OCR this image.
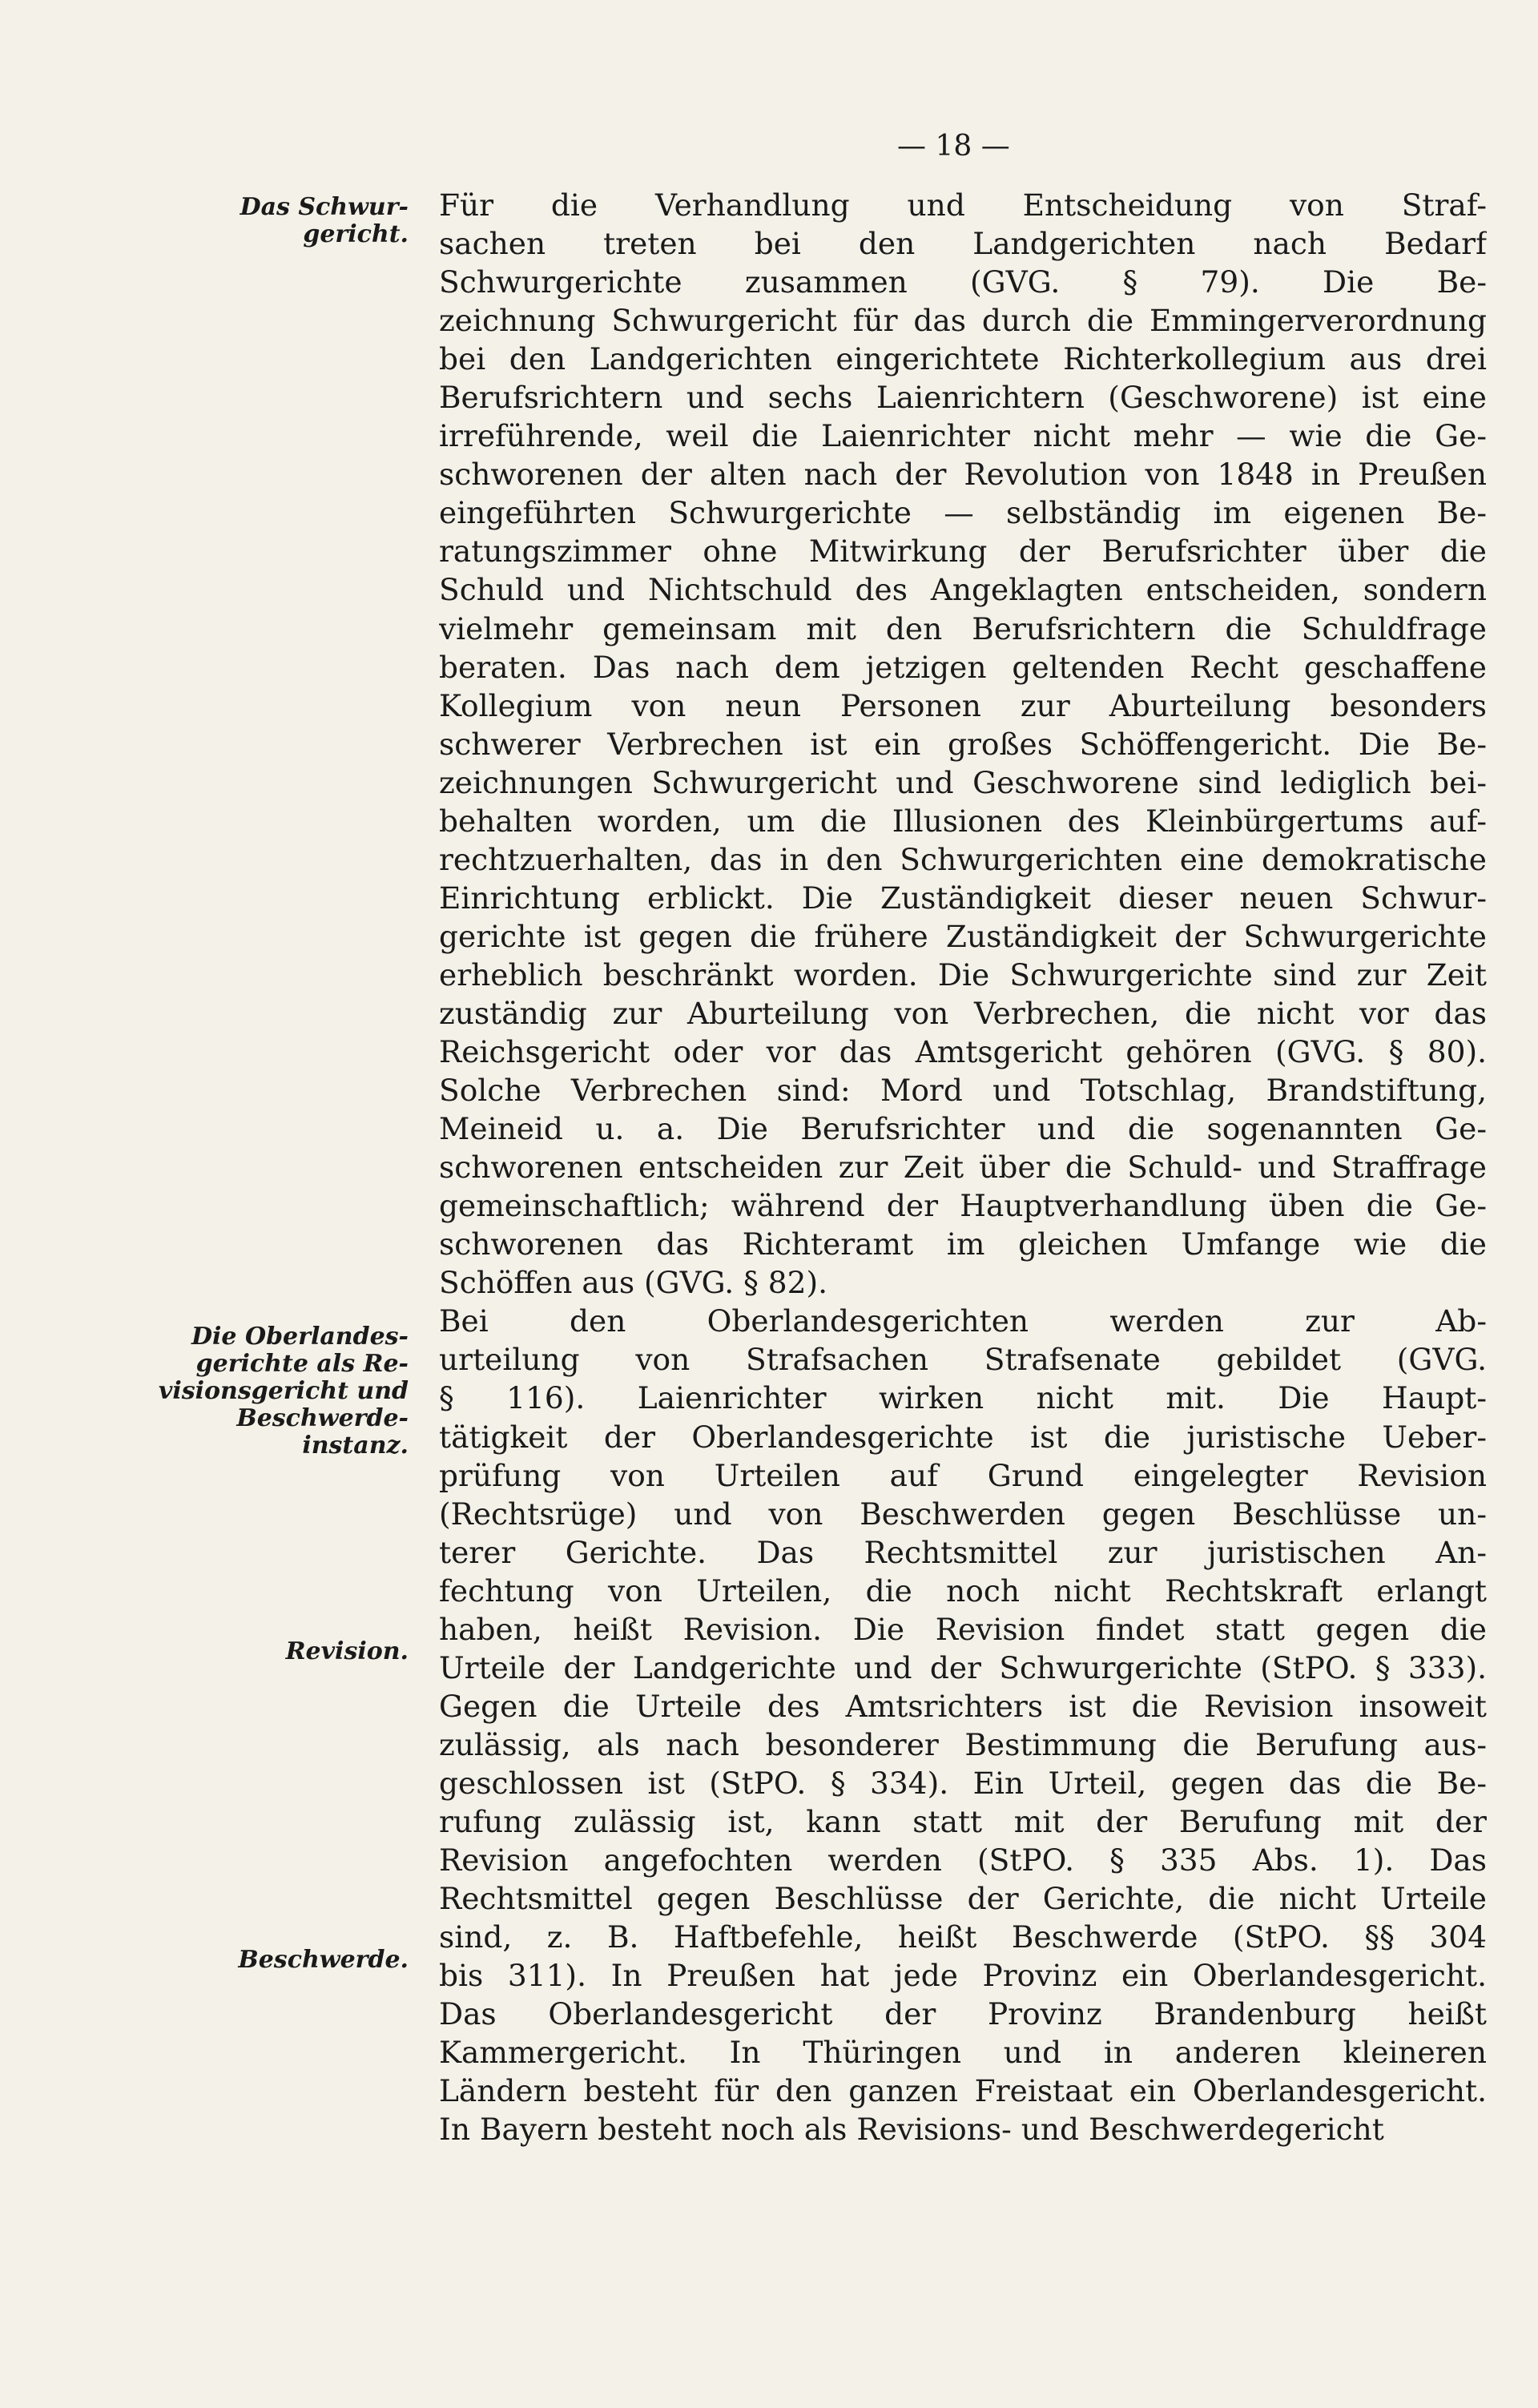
— 18 —
Das Schwur-
gericht.
Die Oberlandes-
gerichte als Re-
visionsgericht und
Beschwerde-
instanz.
Revision.
Beschwerde.

Für die Verhandlung und Entscheidung von Straf-
sachen treten bei den Landgerichten nach Bedarf
Schwurgerichte zusammen (GVG. § 79). Die Be-
zeichnung Schwurgericht für das durch die Emmingerverordnung
bei den Landgerichten eingerichtete Richterkollegium aus drei
Berufsrichtern und sechs Laienrichtern (Geschworene) ist eine
irreführende, weil die Laienrichter nicht mehr — wie die Ge-
schworenen der alten nach der Revolution von 1848 in Preußen
eingeführten Schwurgerichte — selbständig im eigenen Be-
ratungszimmer ohne Mitwirkung der Berufsrichter über die
Schuld und Nichtschuld des Angeklagten entscheiden, sondern
vielmehr gemeinsam mit den Berufsrichtern die Schuldfrage
beraten. Das nach dem jetzigen geltenden Recht geschaffene
Kollegium von neun Personen zur Aburteilung besonders
schwerer Verbrechen ist ein großes Schöffengericht. Die Be-
zeichnungen Schwurgericht und Geschworene sind lediglich bei-
behalten worden, um die Illusionen des Kleinbürgertums auf-
rechtzuerhalten, das in den Schwurgerichten eine demokratische
Einrichtung erblickt. Die Zuständigkeit dieser neuen Schwur-
gerichte ist gegen die frühere Zuständigkeit der Schwurgerichte
erheblich beschränkt worden. Die Schwurgerichte sind zur Zeit
zuständig zur Aburteilung von Verbrechen, die nicht vor das
Reichsgericht oder vor das Amtsgericht gehören (GVG. § 80).
Solche Verbrechen sind: Mord und Totschlag, Brandstiftung,
Meineid u. a. Die Berufsrichter und die sogenannten Ge-
schworenen entscheiden zur Zeit über die Schuld- und Straffrage
gemeinschaftlich; während der Hauptverhandlung üben die Ge-
schworenen das Richteramt im gleichen Umfange wie die
Schöffen aus (GVG. § 82).

Bei den Oberlandesgerichten werden zur Ab-
urteilung von Strafsachen Strafsenate gebildet (GVG.
§ 116). Laienrichter wirken nicht mit. Die Haupt-
tätigkeit der Oberlandesgerichte ist die juristische Ueber-
prüfung von Urteilen auf Grund eingelegter Revision
(Rechtsrüge) und von Beschwerden gegen Beschlüsse un-
terer Gerichte. Das Rechtsmittel zur juristischen An-
fechtung von Urteilen, die noch nicht Rechtskraft erlangt
haben, heißt Revision. Die Revision findet statt gegen die
Urteile der Landgerichte und der Schwurgerichte (StPO. § 333).
Gegen die Urteile des Amtsrichters ist die Revision insoweit
zulässig, als nach besonderer Bestimmung die Berufung aus-
geschlossen ist (StPO. § 334). Ein Urteil, gegen das die Be-
rufung zulässig ist, kann statt mit der Berufung mit der
Revision angefochten werden (StPO. § 335 Abs. 1). Das
Rechtsmittel gegen Beschlüsse der Gerichte, die nicht Urteile
sind, z. B. Haftbefehle, heißt Beschwerde (StPO. §§ 304
bis 311). In Preußen hat jede Provinz ein Oberlandesgericht.
Das Oberlandesgericht der Provinz Brandenburg heißt
Kammergericht. In Thüringen und in anderen kleineren
Ländern besteht für den ganzen Freistaat ein Oberlandesgericht.
In Bayern besteht noch als Revisions- und Beschwerdegericht
